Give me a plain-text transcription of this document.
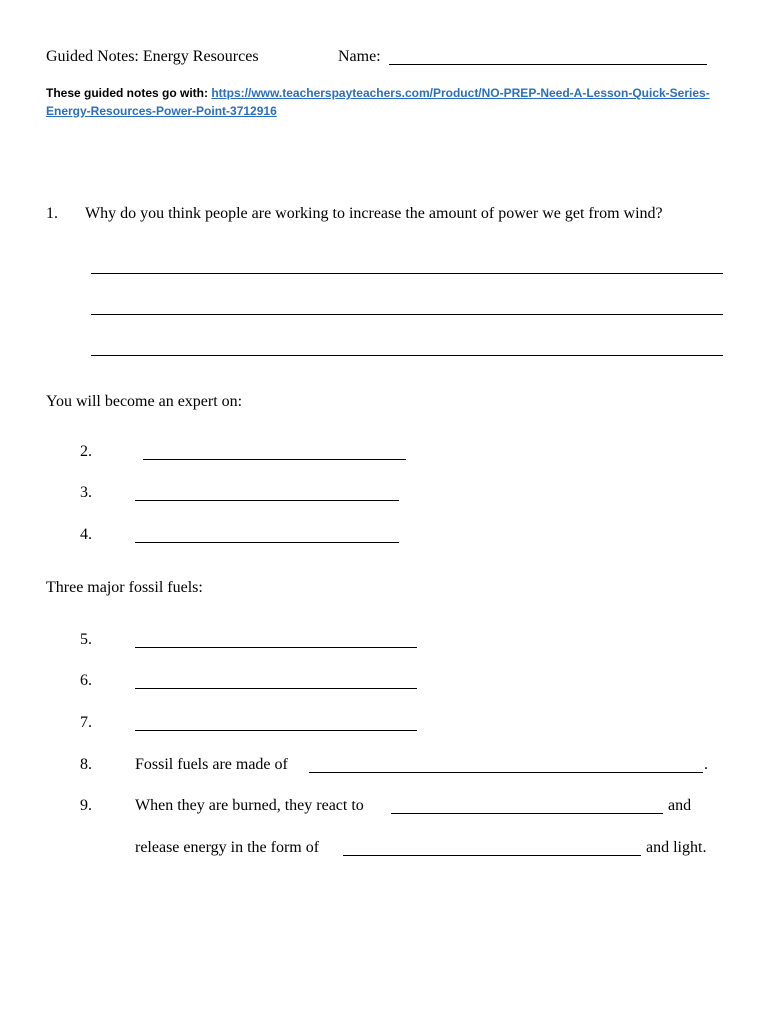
Guided Notes: Energy Resources	Name:
These guided notes go with: https://www.teacherspayteachers.com/Product/NO-PREP-Need-A-Lesson-Quick-Series-
Energy-Resources-Power-Point-3712916
1. Why do you think people are working to increase the amount of power we get from wind?
You will become an expert on:
2.
3.
4.
Three major fossil fuels:
5.
6.
7.
8.	Fossil fuels are made of	.
9.	When they are burned, they react to	and
release energy in the form of	and light.
